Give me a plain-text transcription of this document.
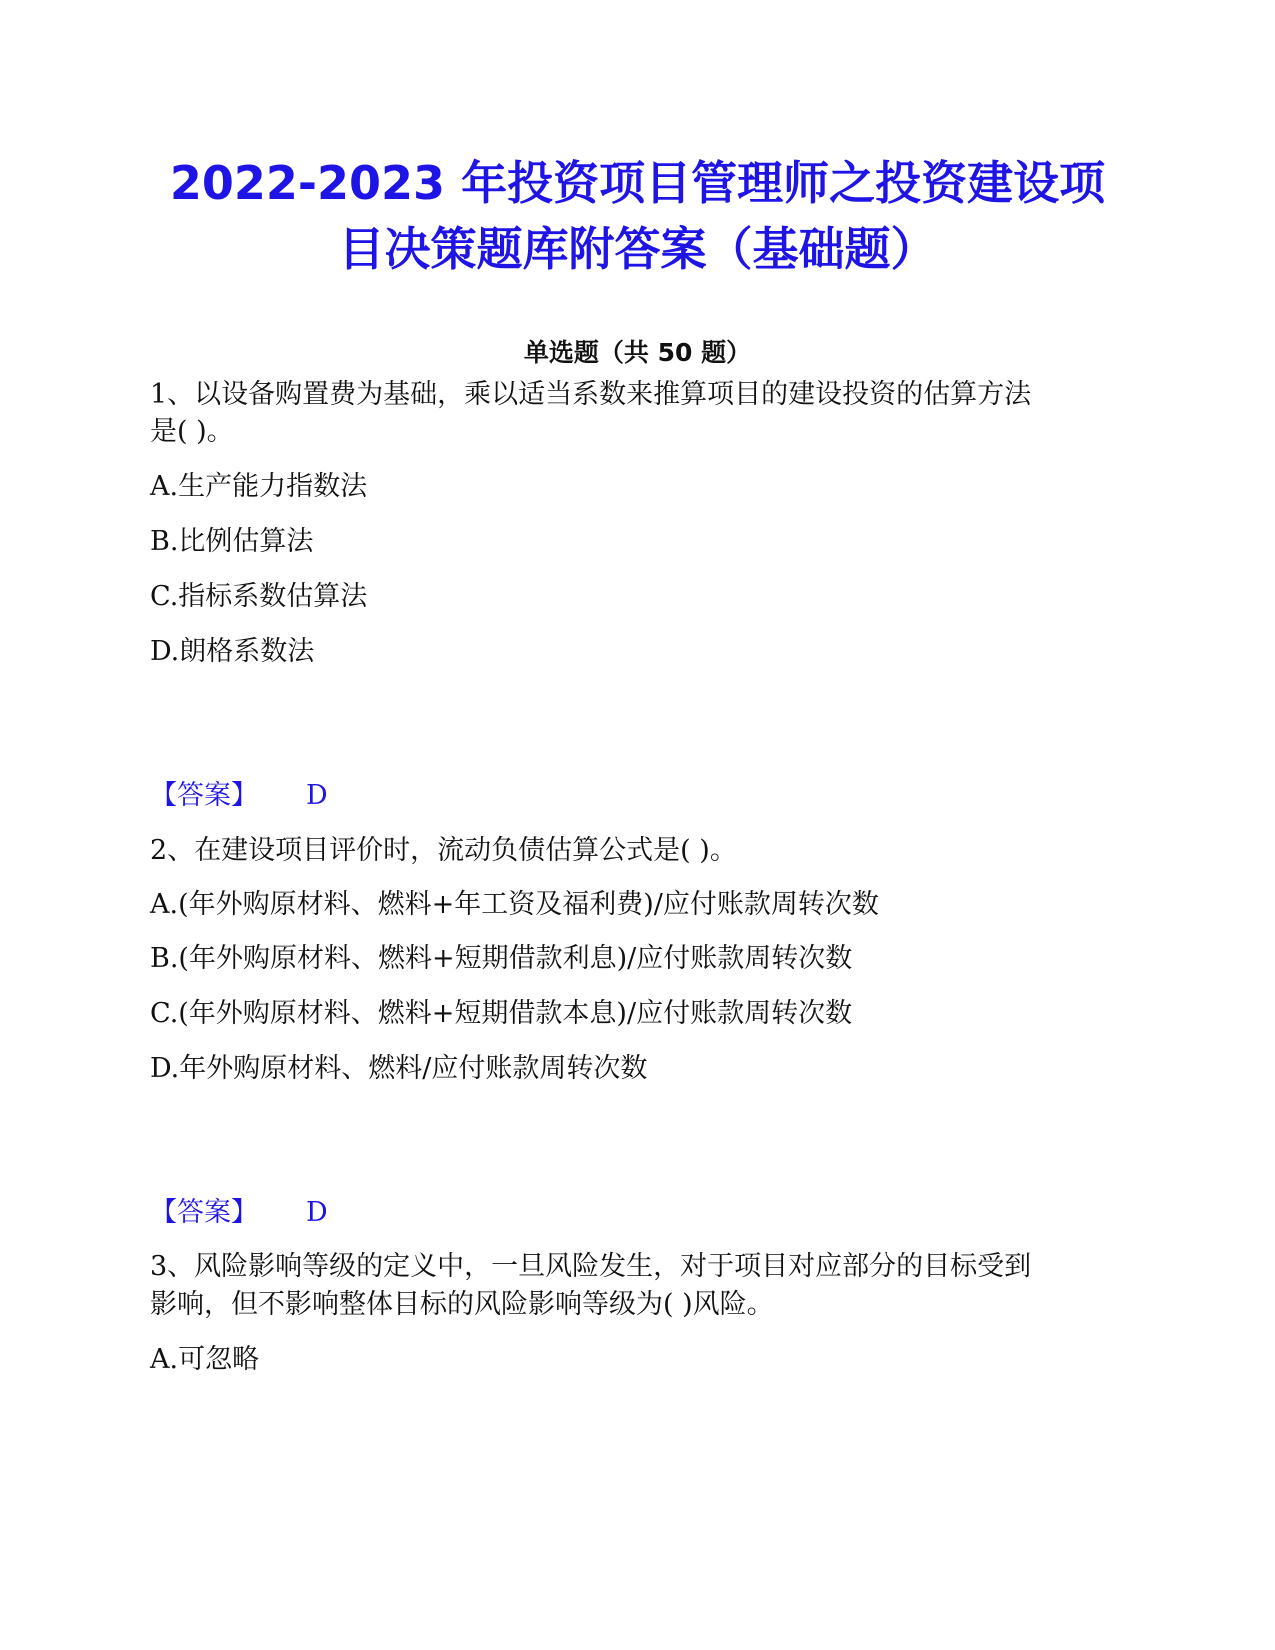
2022-2023 年投资项目管理师之投资建设项
目决策题库附答案（基础题）
单选题（共 50 题）
1、以设备购置费为基础，乘以适当系数来推算项目的建设投资的估算方法
是( )。
A.生产能力指数法
B.比例估算法
C.指标系数估算法
D.朗格系数法
【答案】 D
2、在建设项目评价时，流动负债估算公式是( )。
A.(年外购原材料、燃料+年工资及福利费)/应付账款周转次数
B.(年外购原材料、燃料+短期借款利息)/应付账款周转次数
C.(年外购原材料、燃料+短期借款本息)/应付账款周转次数
D.年外购原材料、燃料/应付账款周转次数
【答案】 D
3、风险影响等级的定义中，一旦风险发生，对于项目对应部分的目标受到
影响，但不影响整体目标的风险影响等级为( )风险。
A.可忽略
